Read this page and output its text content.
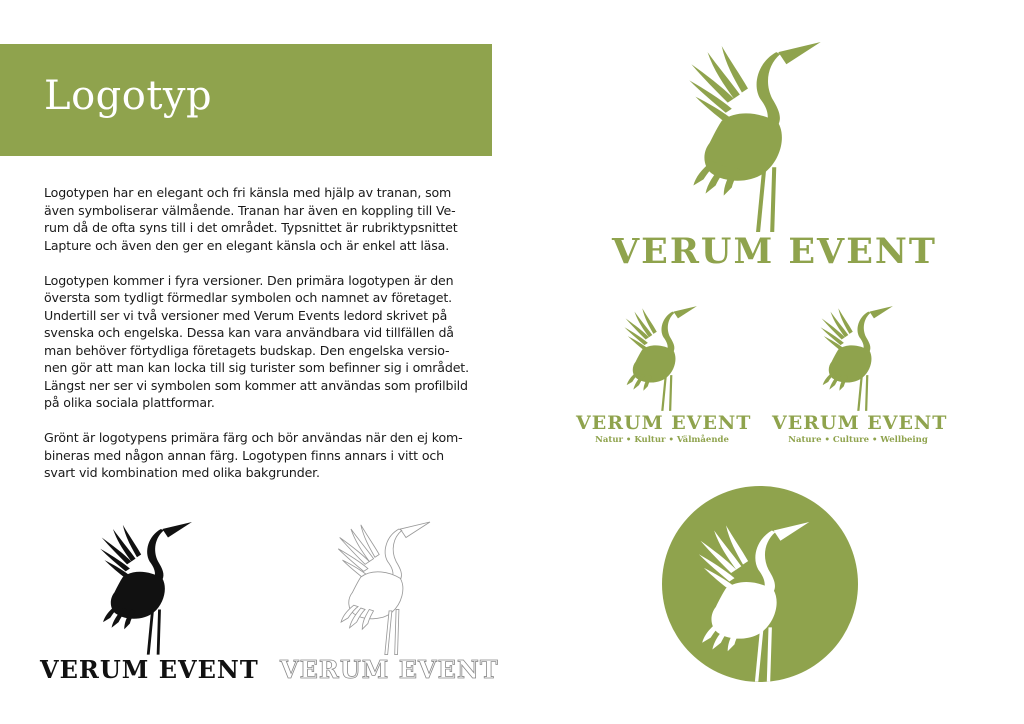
Logotyp
Logotypen har en elegant och fri känsla med hjälp av tranan, som
även symboliserar välmående. Tranan har även en koppling till Ve-
rum då de ofta syns till i det området. Typsnittet är rubriktypsnittet
Lapture och även den ger en elegant känsla och är enkel att läsa.
Logotypen kommer i fyra versioner. Den primära logotypen är den
översta som tydligt förmedlar symbolen och namnet av företaget.
Undertill ser vi två versioner med Verum Events ledord skrivet på
svenska och engelska. Dessa kan vara användbara vid tillfällen då
man behöver förtydliga företagets budskap. Den engelska versio-
nen gör att man kan locka till sig turister som befinner sig i området.
Längst ner ser vi symbolen som kommer att användas som profilbild
på olika sociala plattformar.
Grönt är logotypens primära färg och bör användas när den ej kom-
bineras med någon annan färg. Logotypen finns annars i vitt och
svart vid kombination med olika bakgrunder.
VERUM EVENT
VERUM EVENT
Natur • Kultur • Välmående
VERUM EVENT
Nature • Culture • Wellbeing
VERUM EVENT VERUM EVENT
